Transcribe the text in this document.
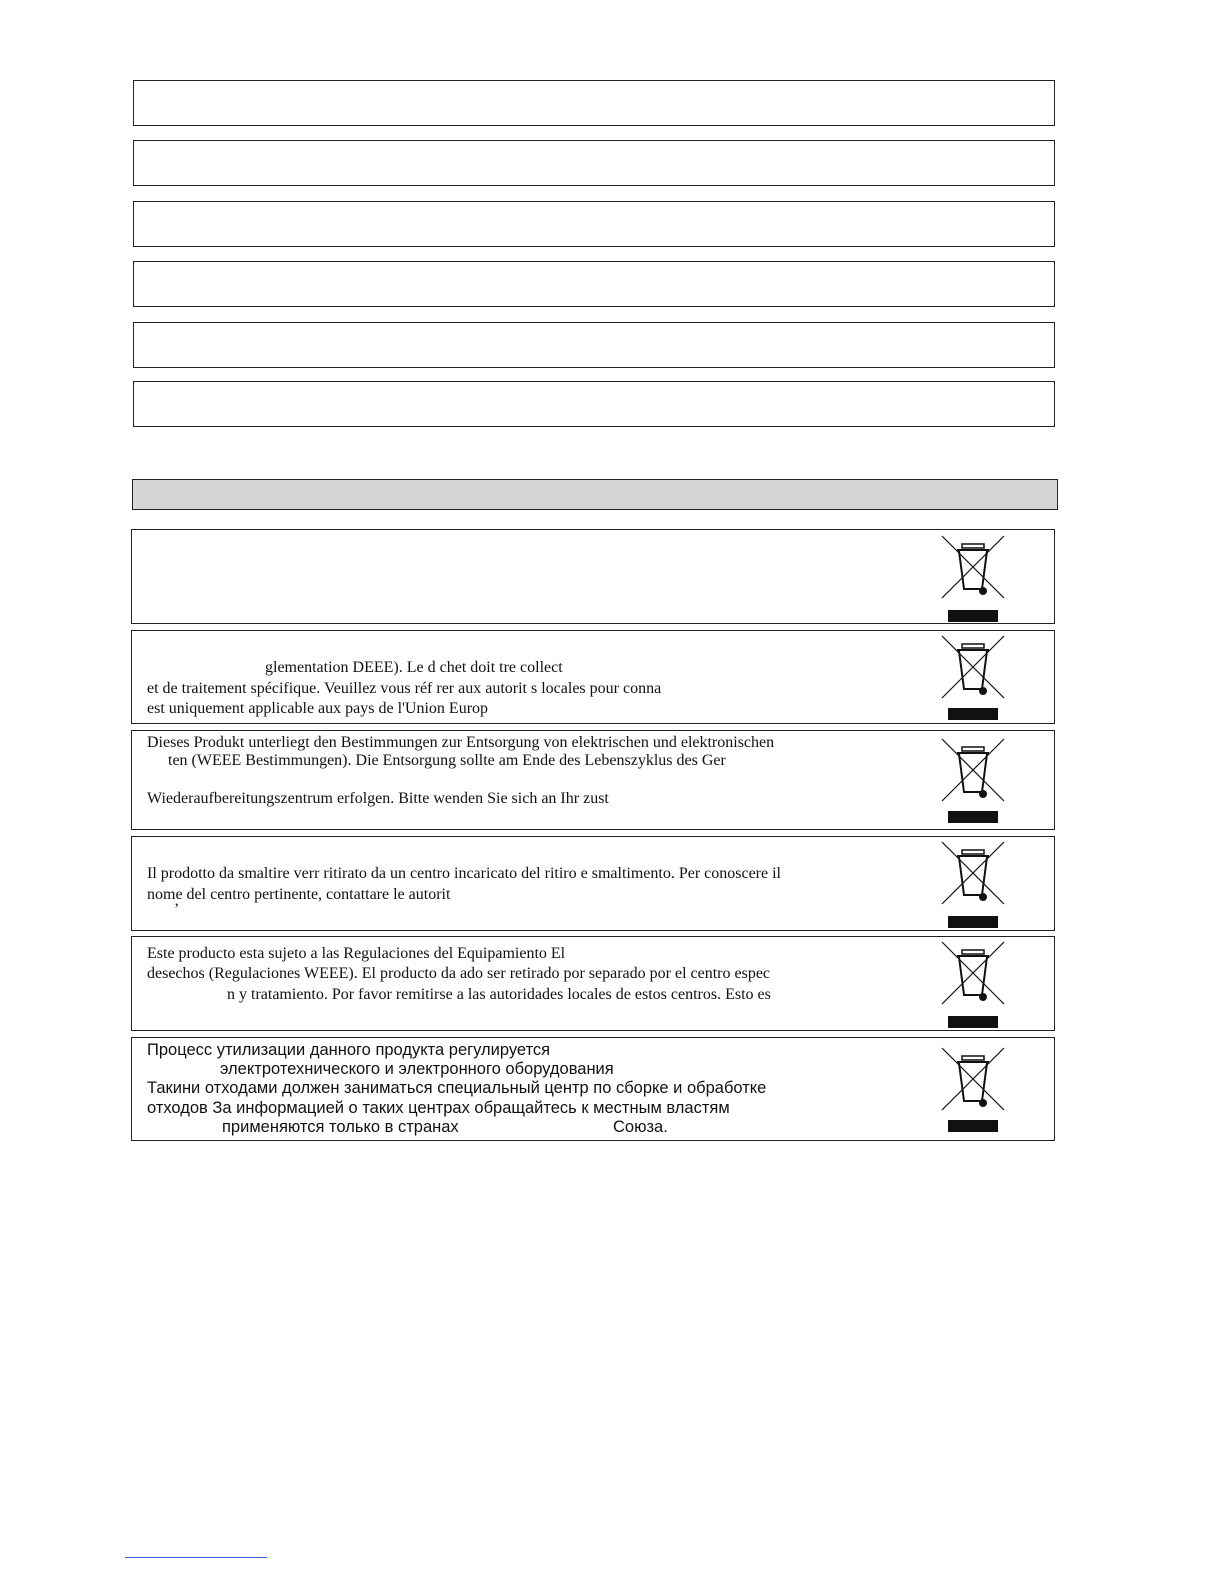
glementation DEEE). Le d chet doit tre collect
et de traitement spécifique. Veuillez vous réf rer aux autorit s locales pour conna
est uniquement applicable aux pays de l'Union Europ
Dieses Produkt unterliegt den Bestimmungen zur Entsorgung von elektrischen und elektronischen
ten (WEEE Bestimmungen). Die Entsorgung sollte am Ende des Lebenszyklus des Ger
Wiederaufbereitungszentrum erfolgen. Bitte wenden Sie sich an Ihr zust
Il prodotto da smaltire verr ritirato da un centro incaricato del ritiro e smaltimento. Per conoscere il
nome del centro pertinente, contattare le autorit
’
Este producto esta sujeto a las Regulaciones del Equipamiento El
desechos (Regulaciones WEEE). El producto da ado ser retirado por separado por el centro espec
n y tratamiento. Por favor remitirse a las autoridades locales de estos centros. Esto es
Процесс утилизации данного продукта регулируется
электротехнического и электронного оборудования
Такини отходами должен заниматься специальный центр по сборке и обработке
отходов За информацией о таких центрах обращайтесь к местным властям
применяются только в странах	Союза.
